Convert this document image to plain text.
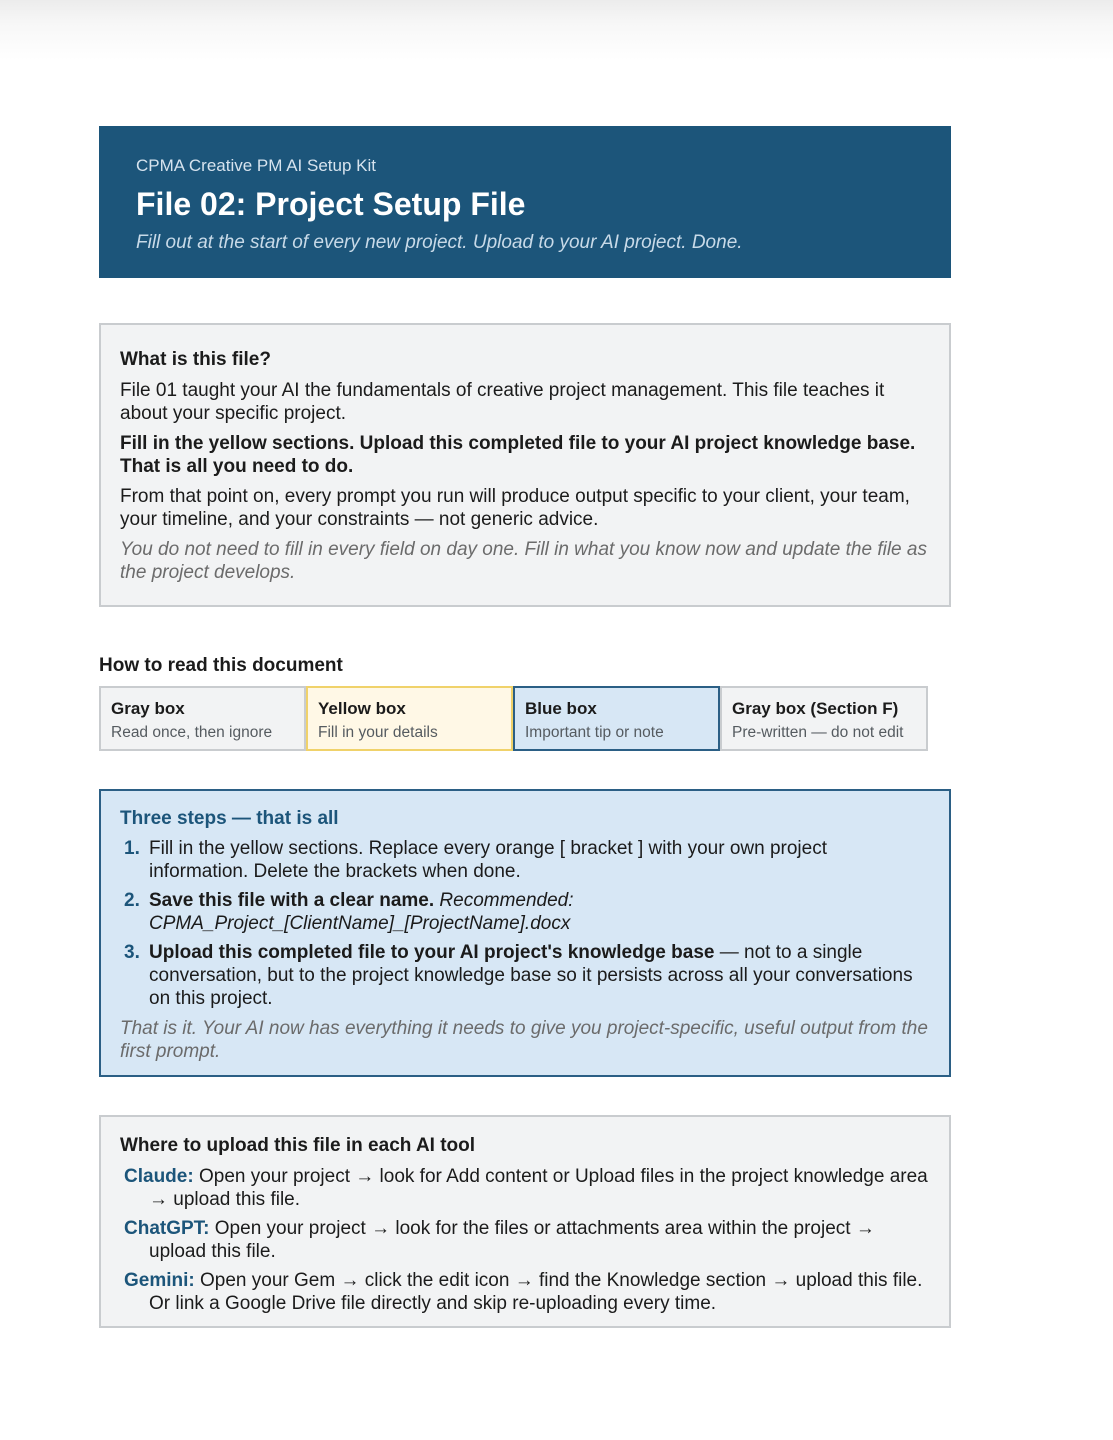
CPMA Creative PM AI Setup Kit
File 02: Project Setup File
Fill out at the start of every new project. Upload to your AI project. Done.
What is this file?

File 01 taught your AI the fundamentals of creative project management. This file teaches it about your specific project.

Fill in the yellow sections. Upload this completed file to your AI project knowledge base. That is all you need to do.

From that point on, every prompt you run will produce output specific to your client, your team, your timeline, and your constraints — not generic advice.

You do not need to fill in every field on day one. Fill in what you know now and update the file as the project develops.

How to read this document
Gray box
Read once, then ignore
Yellow box
Fill in your details
Blue box
Important tip or note
Gray box (Section F)
Pre-written — do not edit
Three steps — that is all
1. Fill in the yellow sections. Replace every orange [ bracket ] with your own project information. Delete the brackets when done.
2. Save this file with a clear name. Recommended: CPMA_Project_[ClientName]_[ProjectName].docx
3. Upload this completed file to your AI project's knowledge base — not to a single conversation, but to the project knowledge base so it persists across all your conversations on this project.
That is it. Your AI now has everything it needs to give you project-specific, useful output from the first prompt.
Where to upload this file in each AI tool
Claude: Open your project → look for Add content or Upload files in the project knowledge area → upload this file.
ChatGPT: Open your project → look for the files or attachments area within the project → upload this file.
Gemini: Open your Gem → click the edit icon → find the Knowledge section → upload this file. Or link a Google Drive file directly and skip re-uploading every time.
